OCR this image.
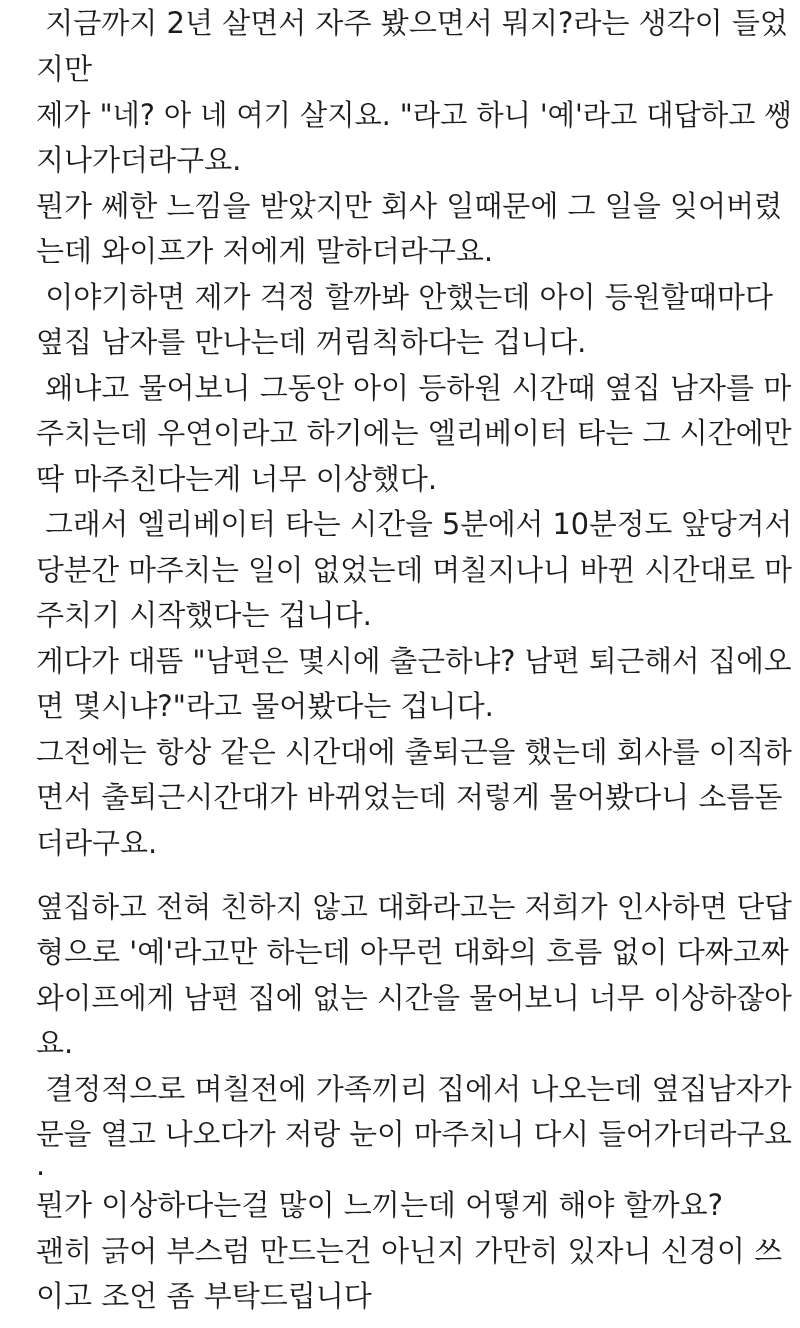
지금까지 2년 살면서 자주 봤으면서 뭐지?라는 생각이 들었
지만
제가 "네? 아 네 여기 살지요. "라고 하니 '예'라고 대답하고 쌩
지나가더라구요.
뭔가 쎄한 느낌을 받았지만 회사 일때문에 그 일을 잊어버렸
는데 와이프가 저에게 말하더라구요.
이야기하면 제가 걱정 할까봐 안했는데 아이 등원할때마다
옆집 남자를 만나는데 꺼림칙하다는 겁니다.
왜냐고 물어보니 그동안 아이 등하원 시간때 옆집 남자를 마
주치는데 우연이라고 하기에는 엘리베이터 타는 그 시간에만
딱 마주친다는게 너무 이상했다.
그래서 엘리베이터 타는 시간을 5분에서 10분정도 앞당겨서
당분간 마주치는 일이 없었는데 며칠지나니 바뀐 시간대로 마
주치기 시작했다는 겁니다.
게다가 대뜸 "남편은 몇시에 출근하냐? 남편 퇴근해서 집에오
면 몇시냐?"라고 물어봤다는 겁니다.
그전에는 항상 같은 시간대에 출퇴근을 했는데 회사를 이직하
면서 출퇴근시간대가 바뀌었는데 저렇게 물어봤다니 소름돋
더라구요.
옆집하고 전혀 친하지 않고 대화라고는 저희가 인사하면 단답
형으로 '예'라고만 하는데 아무런 대화의 흐름 없이 다짜고짜
와이프에게 남편 집에 없는 시간을 물어보니 너무 이상하잖아
요.
결정적으로 며칠전에 가족끼리 집에서 나오는데 옆집남자가
문을 열고 나오다가 저랑 눈이 마주치니 다시 들어가더라구요
.
뭔가 이상하다는걸 많이 느끼는데 어떻게 해야 할까요?
괜히 긁어 부스럼 만드는건 아닌지 가만히 있자니 신경이 쓰
이고 조언 좀 부탁드립니다
